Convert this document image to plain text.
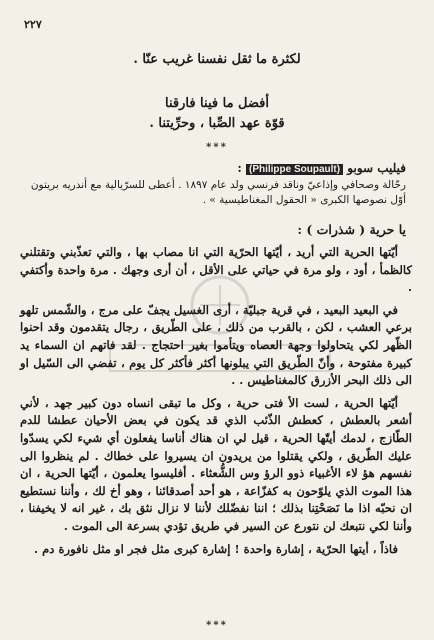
٢٢٧
لكثرة ما ثقل نفسنا غريب عنّا .
أفضل ما فينا فارقنا
قوّة عهد الصِّبا ، وحرِّيتنا .
***
فيليب سوبو (Philippe Soupault) :
رحّالة وصحافي وإذاعيّ وناقد فرنسي ولد عام ١٨٩٧ . أعطى للسرّيالية مع أندريه بريتون
أوّل نصوصها الكبرى « الحقول المغناطيسية » .
يا حرية ( شذرات ) :

أيّتها الحرية التي أريد ، أيّتها الحرّية التي انا مصاب بها ، والتي تعذّبني وتقتلني كالظمأ ، أود ، ولو مرة في حياتي على الأقل ، أن أرى وجهك . مرة واحدة وأكتفي .

في البعيد البعيد ، في قرية جبليّة ، أرى الغسيل يجفّ على مرج ، والشّمس تلهو برعي العشب ، لكن ، بالقرب من ذلك ، على الطّريق ، رجال يتقدمون وقد احنوا الظّهر لكي يتحاولوا وجهة العصاه ويتأموا بغير احتجاج . لقد فاتهم ان السماء يد كبيرة مفتوحة ، وأنّ الطّريق التي يبلونها أكثر فأكثر كل يوم ، تفضي الى السّيل او الى ذلك البحر الأزرق كالمغناطيس . .

أيّتها الحرية ، لست الأ فتى حرية ، وكل ما تبقى انساه دون كبير جهد ، لأني أشعر بالعطش ، كعطش الذّئب الذي قد يكون في بعض الأحيان عطشا للدم الطّازج ، لدمك أيتّها الحرية ، قيل لي ان هناك أناسا يفعلون أي شيء لكي يسدّوا عليك الطّريق ، ولكي يقتلوا من يريدون ان يسيروا على خطاك . لم ينظروا الى نفسهم هؤ لاء الأغبياء ذوو الرؤ وس الشُّعثاء . أفليسوا يعلمون ، أيّتها الحرية ، ان هذا الموت الذي يلوّحون به كفزّاعة ، هو أحد أصدقائنا ، وهو أخ لك ، وأننا نستطيع ان نحبّه اذا ما نَصَحْتِنا بذلك ؛ اننا نفضّلك لأننا لا نزال نثق بك ، غير انه لا يخيفنا ، وأننا لكي نتبعك لن نتورع عن السير في طريق تؤدي بسرعة الى الموت .

فاذاً ، أيتها الحرّية ، إشارة واحدة ! إشارة كبرى مثل فجر او مثل نافورة دم .

***
